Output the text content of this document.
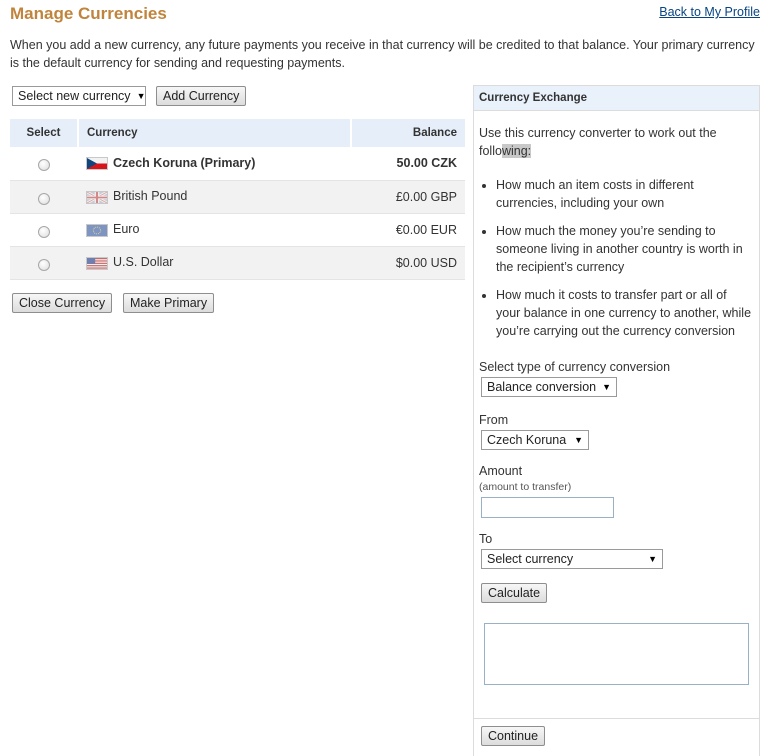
Manage Currencies	Back to My Profile
When you add a new currency, any future payments you receive in that currency will be credited to that balance. Your primary currency is the default currency for sending and requesting payments.
Select new currency ▼	Add Currency
Select	Currency	Balance
	Czech Koruna (Primary)	50.00 CZK
	British Pound	£0.00 GBP
	Euro	€0.00 EUR
	U.S. Dollar	$0.00 USD
Close Currency	Make Primary
Currency Exchange
Use this currency converter to work out the following:
• How much an item costs in different currencies, including your own
• How much the money you’re sending to someone living in another country is worth in the recipient’s currency
• How much it costs to transfer part or all of your balance in one currency to another, while you’re carrying out the currency conversion
Select type of currency conversion
Balance conversion ▼
From
Czech Koruna ▼
Amount
(amount to transfer)
To
Select currency	▼
Calculate
Continue
